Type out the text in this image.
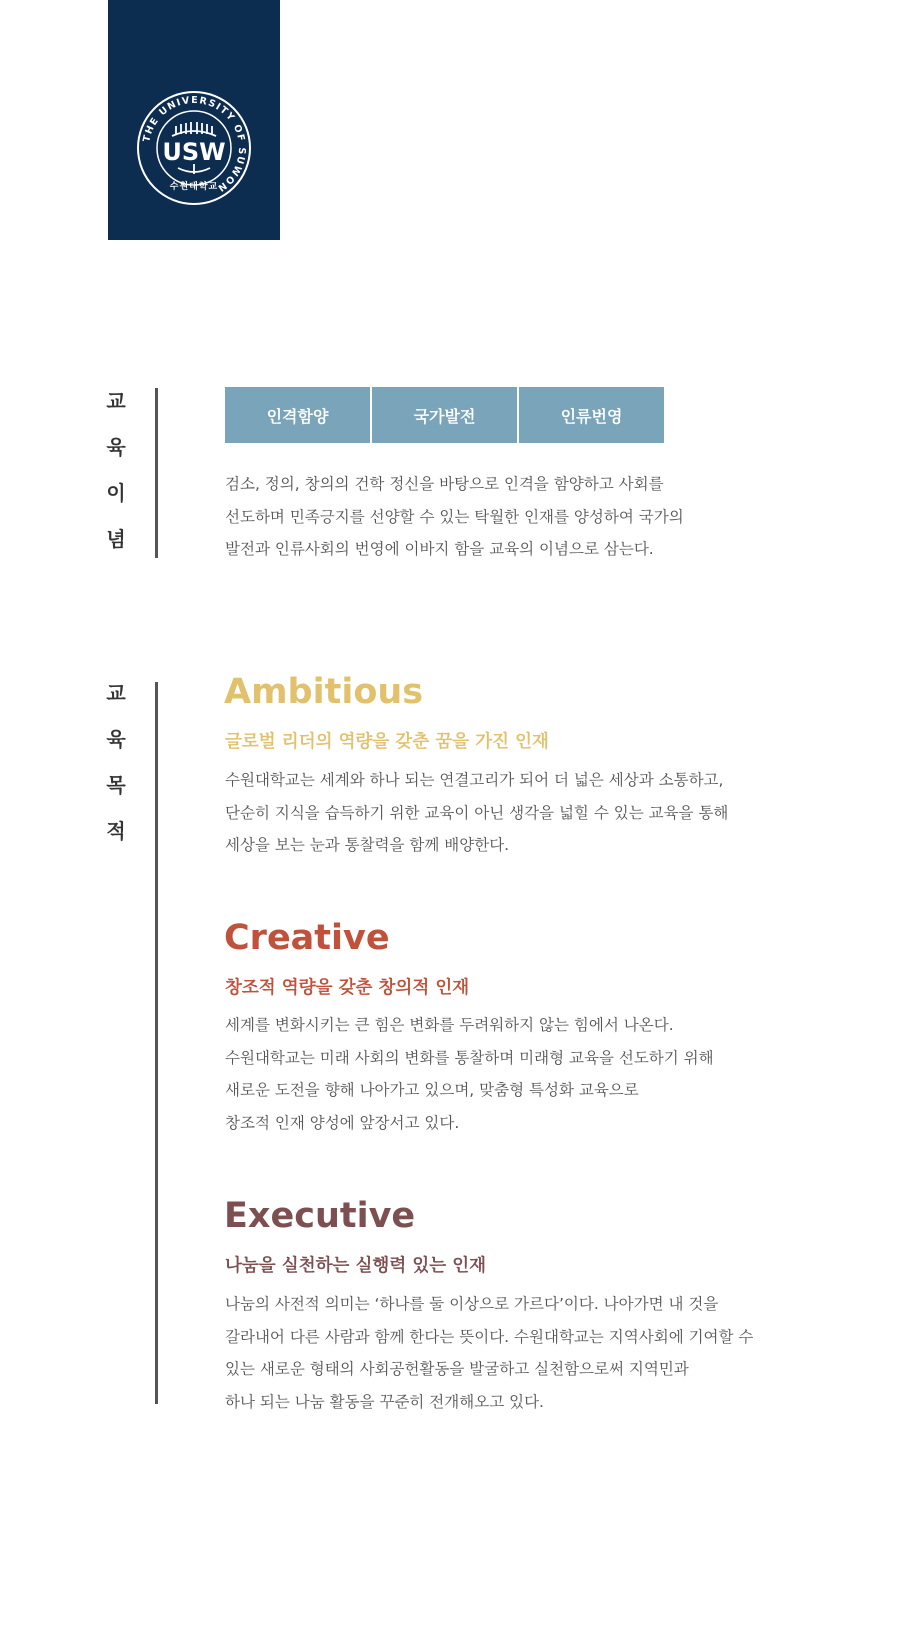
THE UNIVERSITY OF SUWON
USW
수원대학교
교
육
이
념
인격함양	국가발전	인류번영

검소, 정의, 창의의 건학 정신을 바탕으로 인격을 함양하고 사회를
선도하며 민족긍지를 선양할 수 있는 탁월한 인재를 양성하여 국가의
발전과 인류사회의 번영에 이바지 함을 교육의 이념으로 삼는다.

교
육
목
적
Ambitious
글로벌 리더의 역량을 갖춘 꿈을 가진 인재

수원대학교는 세계와 하나 되는 연결고리가 되어 더 넓은 세상과 소통하고,
단순히 지식을 습득하기 위한 교육이 아닌 생각을 넓힐 수 있는 교육을 통해
세상을 보는 눈과 통찰력을 함께 배양한다.

Creative
창조적 역량을 갖춘 창의적 인재

세계를 변화시키는 큰 힘은 변화를 두려워하지 않는 힘에서 나온다.
수원대학교는 미래 사회의 변화를 통찰하며 미래형 교육을 선도하기 위해
새로운 도전을 향해 나아가고 있으며, 맞춤형 특성화 교육으로
창조적 인재 양성에 앞장서고 있다.

Executive
나눔을 실천하는 실행력 있는 인재

나눔의 사전적 의미는 ‘하나를 둘 이상으로 가르다’이다. 나아가면 내 것을
갈라내어 다른 사람과 함께 한다는 뜻이다. 수원대학교는 지역사회에 기여할 수
있는 새로운 형태의 사회공헌활동을 발굴하고 실천함으로써 지역민과
하나 되는 나눔 활동을 꾸준히 전개해오고 있다.
